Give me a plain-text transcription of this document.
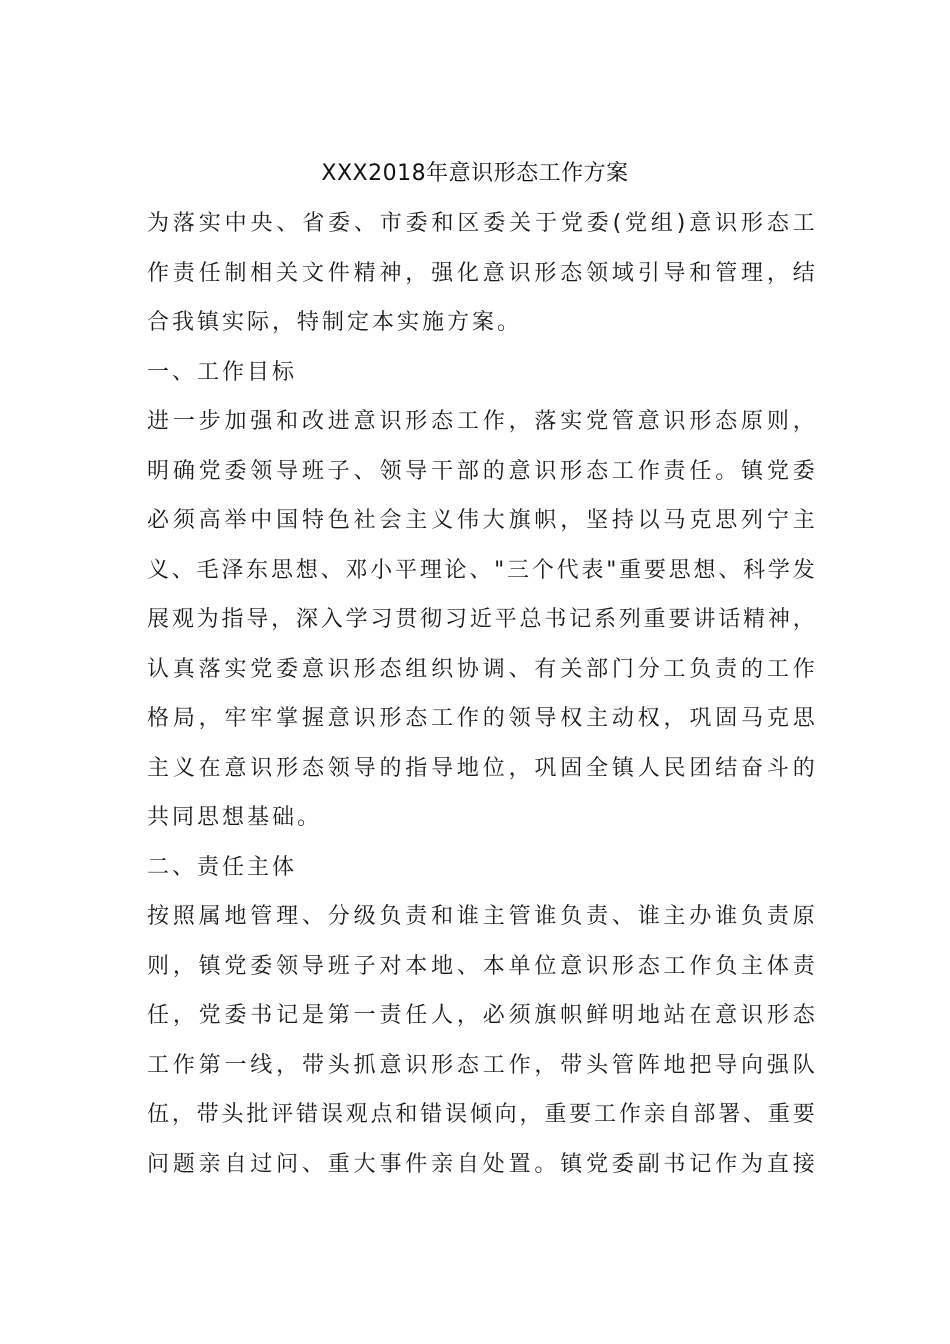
XXX2018年意识形态工作方案
为落实中央、省委、市委和区委关于党委(党组)意识形态工
作责任制相关文件精神，强化意识形态领域引导和管理，结
合我镇实际，特制定本实施方案。
一、工作目标
进一步加强和改进意识形态工作，落实党管意识形态原则，
明确党委领导班子、领导干部的意识形态工作责任。镇党委
必须高举中国特色社会主义伟大旗帜，坚持以马克思列宁主
义、毛泽东思想、邓小平理论、"三个代表"重要思想、科学发
展观为指导，深入学习贯彻习近平总书记系列重要讲话精神，
认真落实党委意识形态组织协调、有关部门分工负责的工作
格局，牢牢掌握意识形态工作的领导权主动权，巩固马克思
主义在意识形态领导的指导地位，巩固全镇人民团结奋斗的
共同思想基础。
二、责任主体
按照属地管理、分级负责和谁主管谁负责、谁主办谁负责原
则，镇党委领导班子对本地、本单位意识形态工作负主体责
任，党委书记是第一责任人，必须旗帜鲜明地站在意识形态
工作第一线，带头抓意识形态工作，带头管阵地把导向强队
伍，带头批评错误观点和错误倾向，重要工作亲自部署、重要
问题亲自过问、重大事件亲自处置。镇党委副书记作为直接
